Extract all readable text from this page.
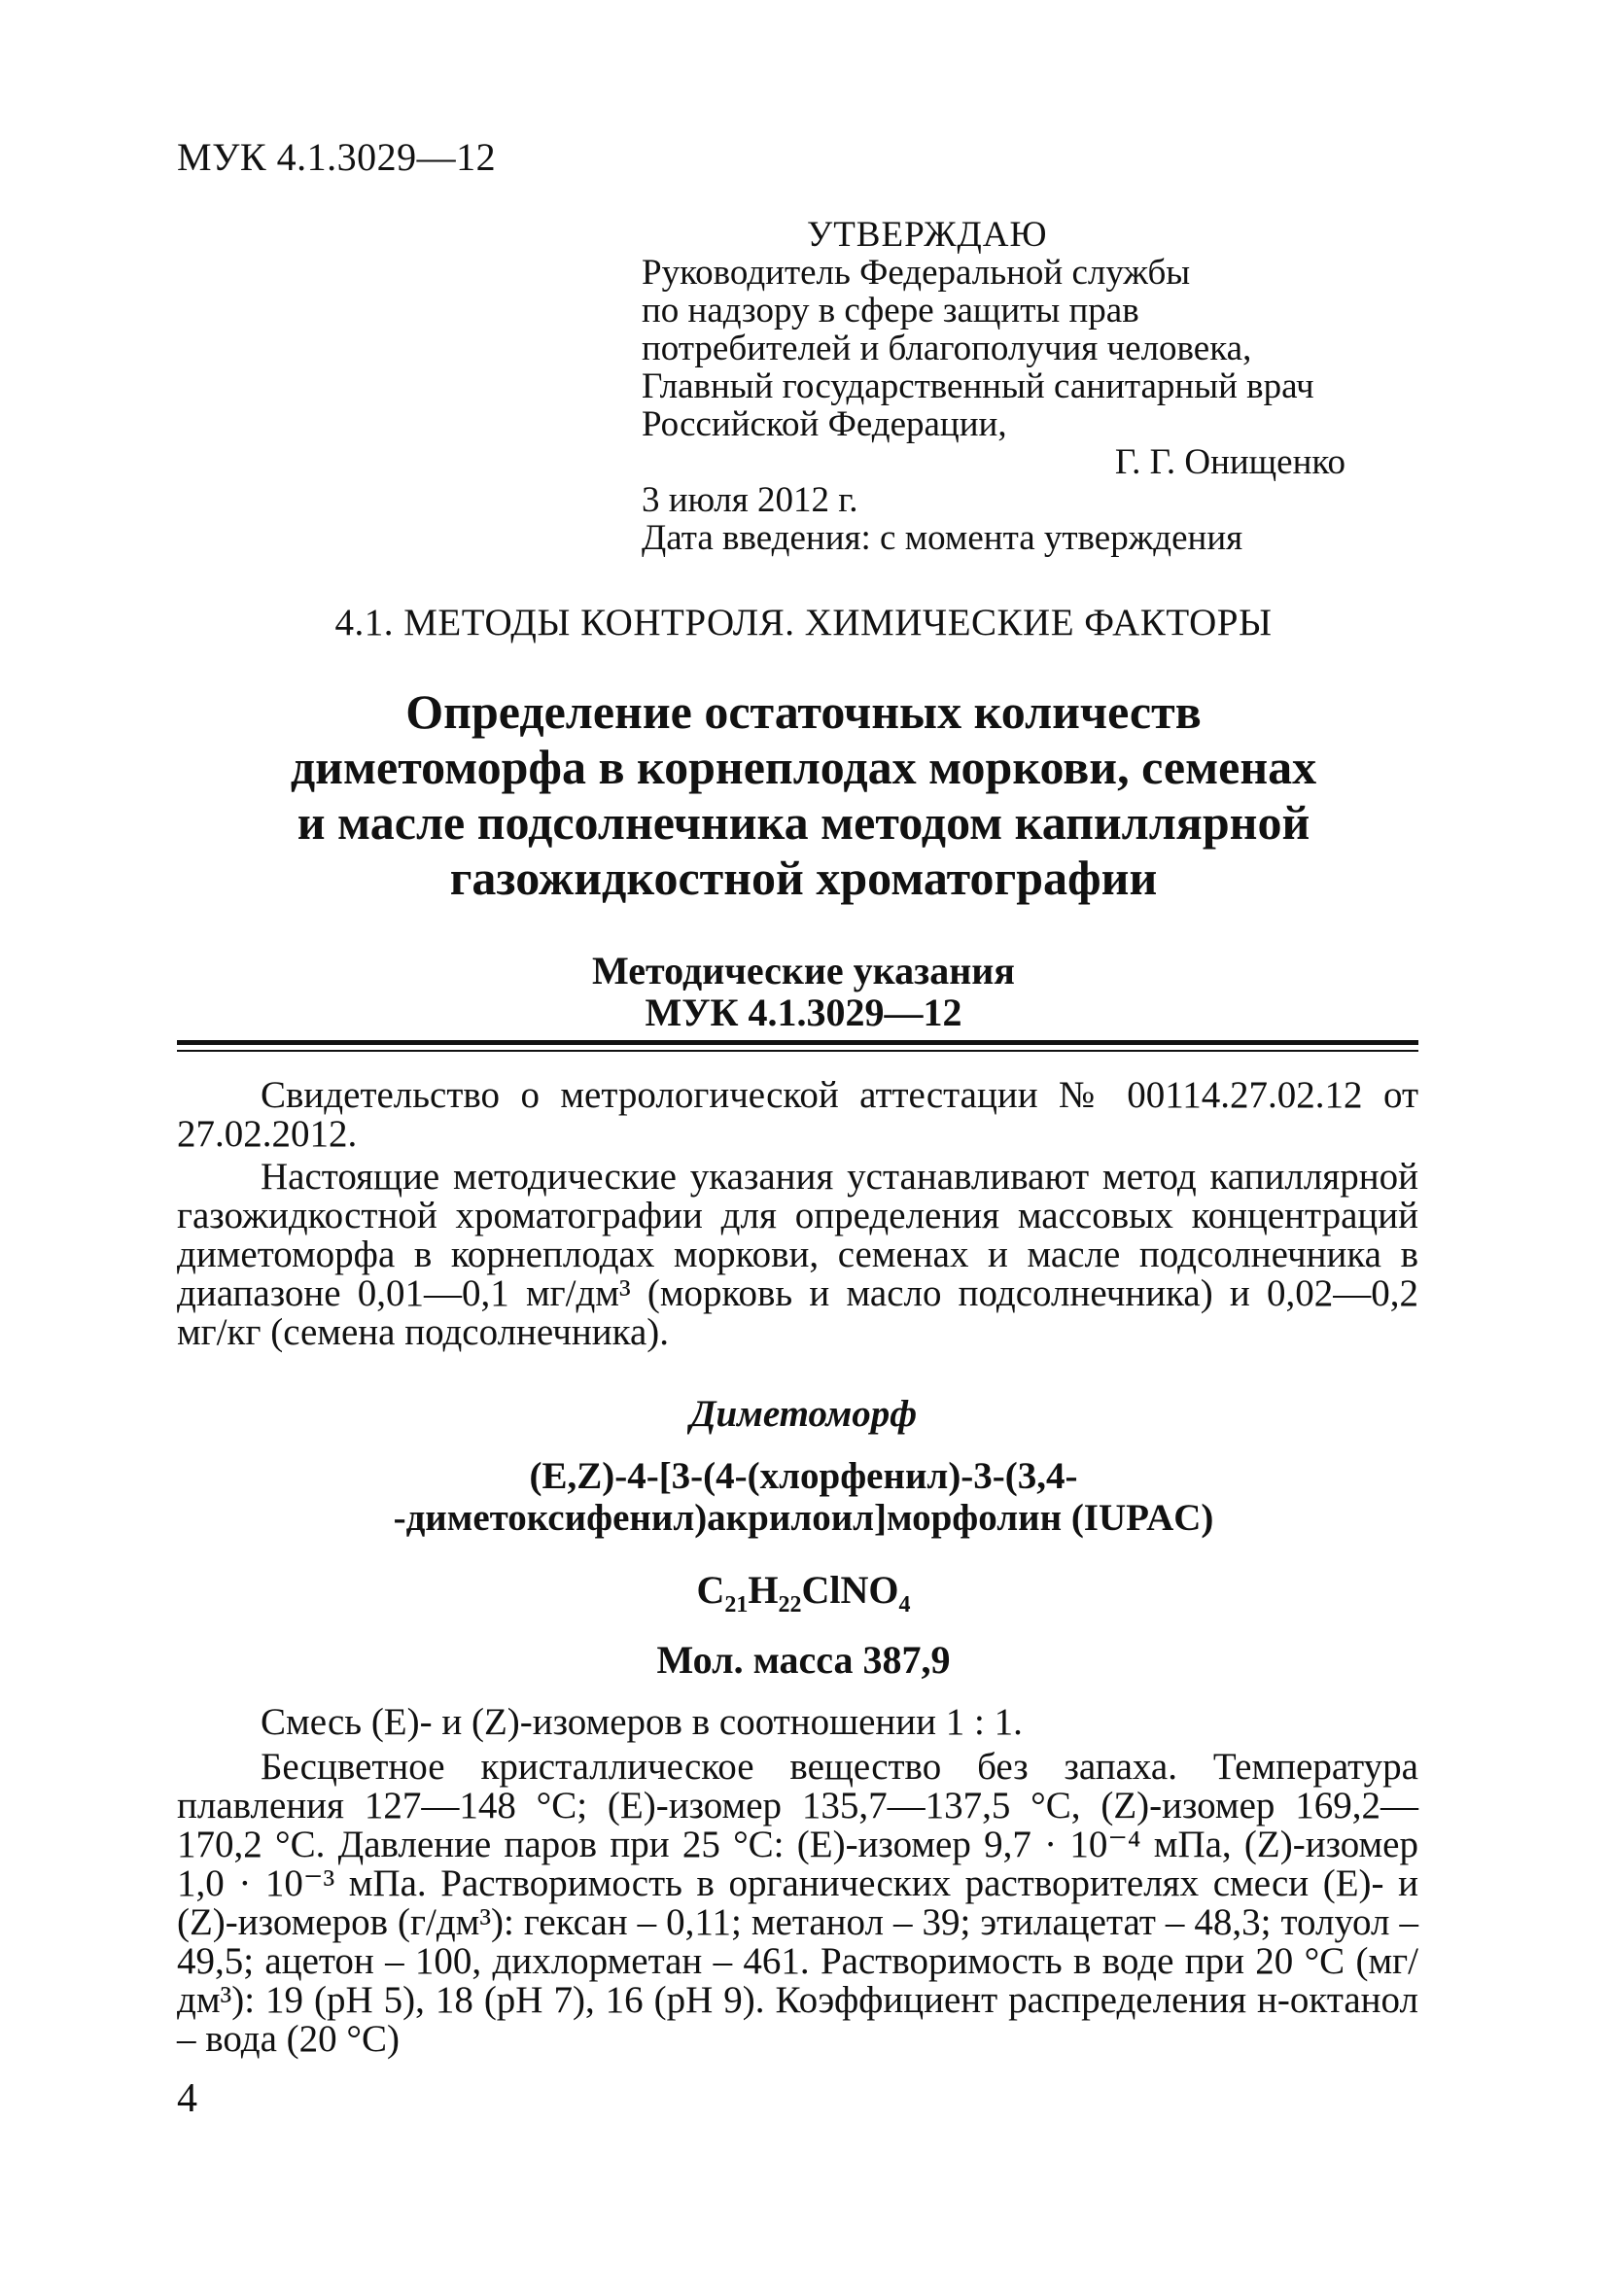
МУК 4.1.3029—12
УТВЕРЖДАЮ
Руководитель Федеральной службы
по надзору в сфере защиты прав
потребителей и благополучия человека,
Главный государственный санитарный врач
Российской Федерации,
Г. Г. Онищенко
3 июля 2012 г.
Дата введения: с момента утверждения
4.1. МЕТОДЫ КОНТРОЛЯ. ХИМИЧЕСКИЕ ФАКТОРЫ
Определение остаточных количеств
диметоморфа в корнеплодах моркови, семенах
и масле подсолнечника методом капиллярной
газожидкостной хроматографии
Методические указания
МУК 4.1.3029—12

Свидетельство о метрологической аттестации № 00114.27.02.12 от 27.02.2012.

Настоящие методические указания устанавливают метод капиллярной газожидкостной хроматографии для определения массовых концентраций диметоморфа в корнеплодах моркови, семенах и масле подсолнечника в диапазоне 0,01—0,1 мг/дм³ (морковь и масло подсолнечника) и 0,02—0,2 мг/кг (семена подсолнечника).

Диметоморф
(E,Z)-4-[3-(4-(хлорфенил)-3-(3,4-
-диметоксифенил)акрилоил]морфолин (IUPAC)
$C_{21}H_{22}ClNO_4$
Мол. масса 387,9

Смесь (Е)- и (Z)-изомеров в соотношении 1 : 1.

Бесцветное кристаллическое вещество без запаха. Температура плавления 127—148 °С; (Е)-изомер 135,7—137,5 °С, (Z)-изомер 169,2—170,2 °С. Давление паров при 25 °С: (Е)-изомер 9,7 · 10⁻⁴ мПа, (Z)-изомер 1,0 · 10⁻³ мПа. Растворимость в органических растворителях смеси (Е)- и (Z)-изомеров (г/дм³): гексан – 0,11; метанол – 39; этилацетат – 48,3; толуол – 49,5; ацетон – 100, дихлорметан – 461. Растворимость в воде при 20 °С (мг/дм³): 19 (рН 5), 18 (рН 7), 16 (рН 9). Коэффициент распределения н-октанол – вода (20 °С)

4
